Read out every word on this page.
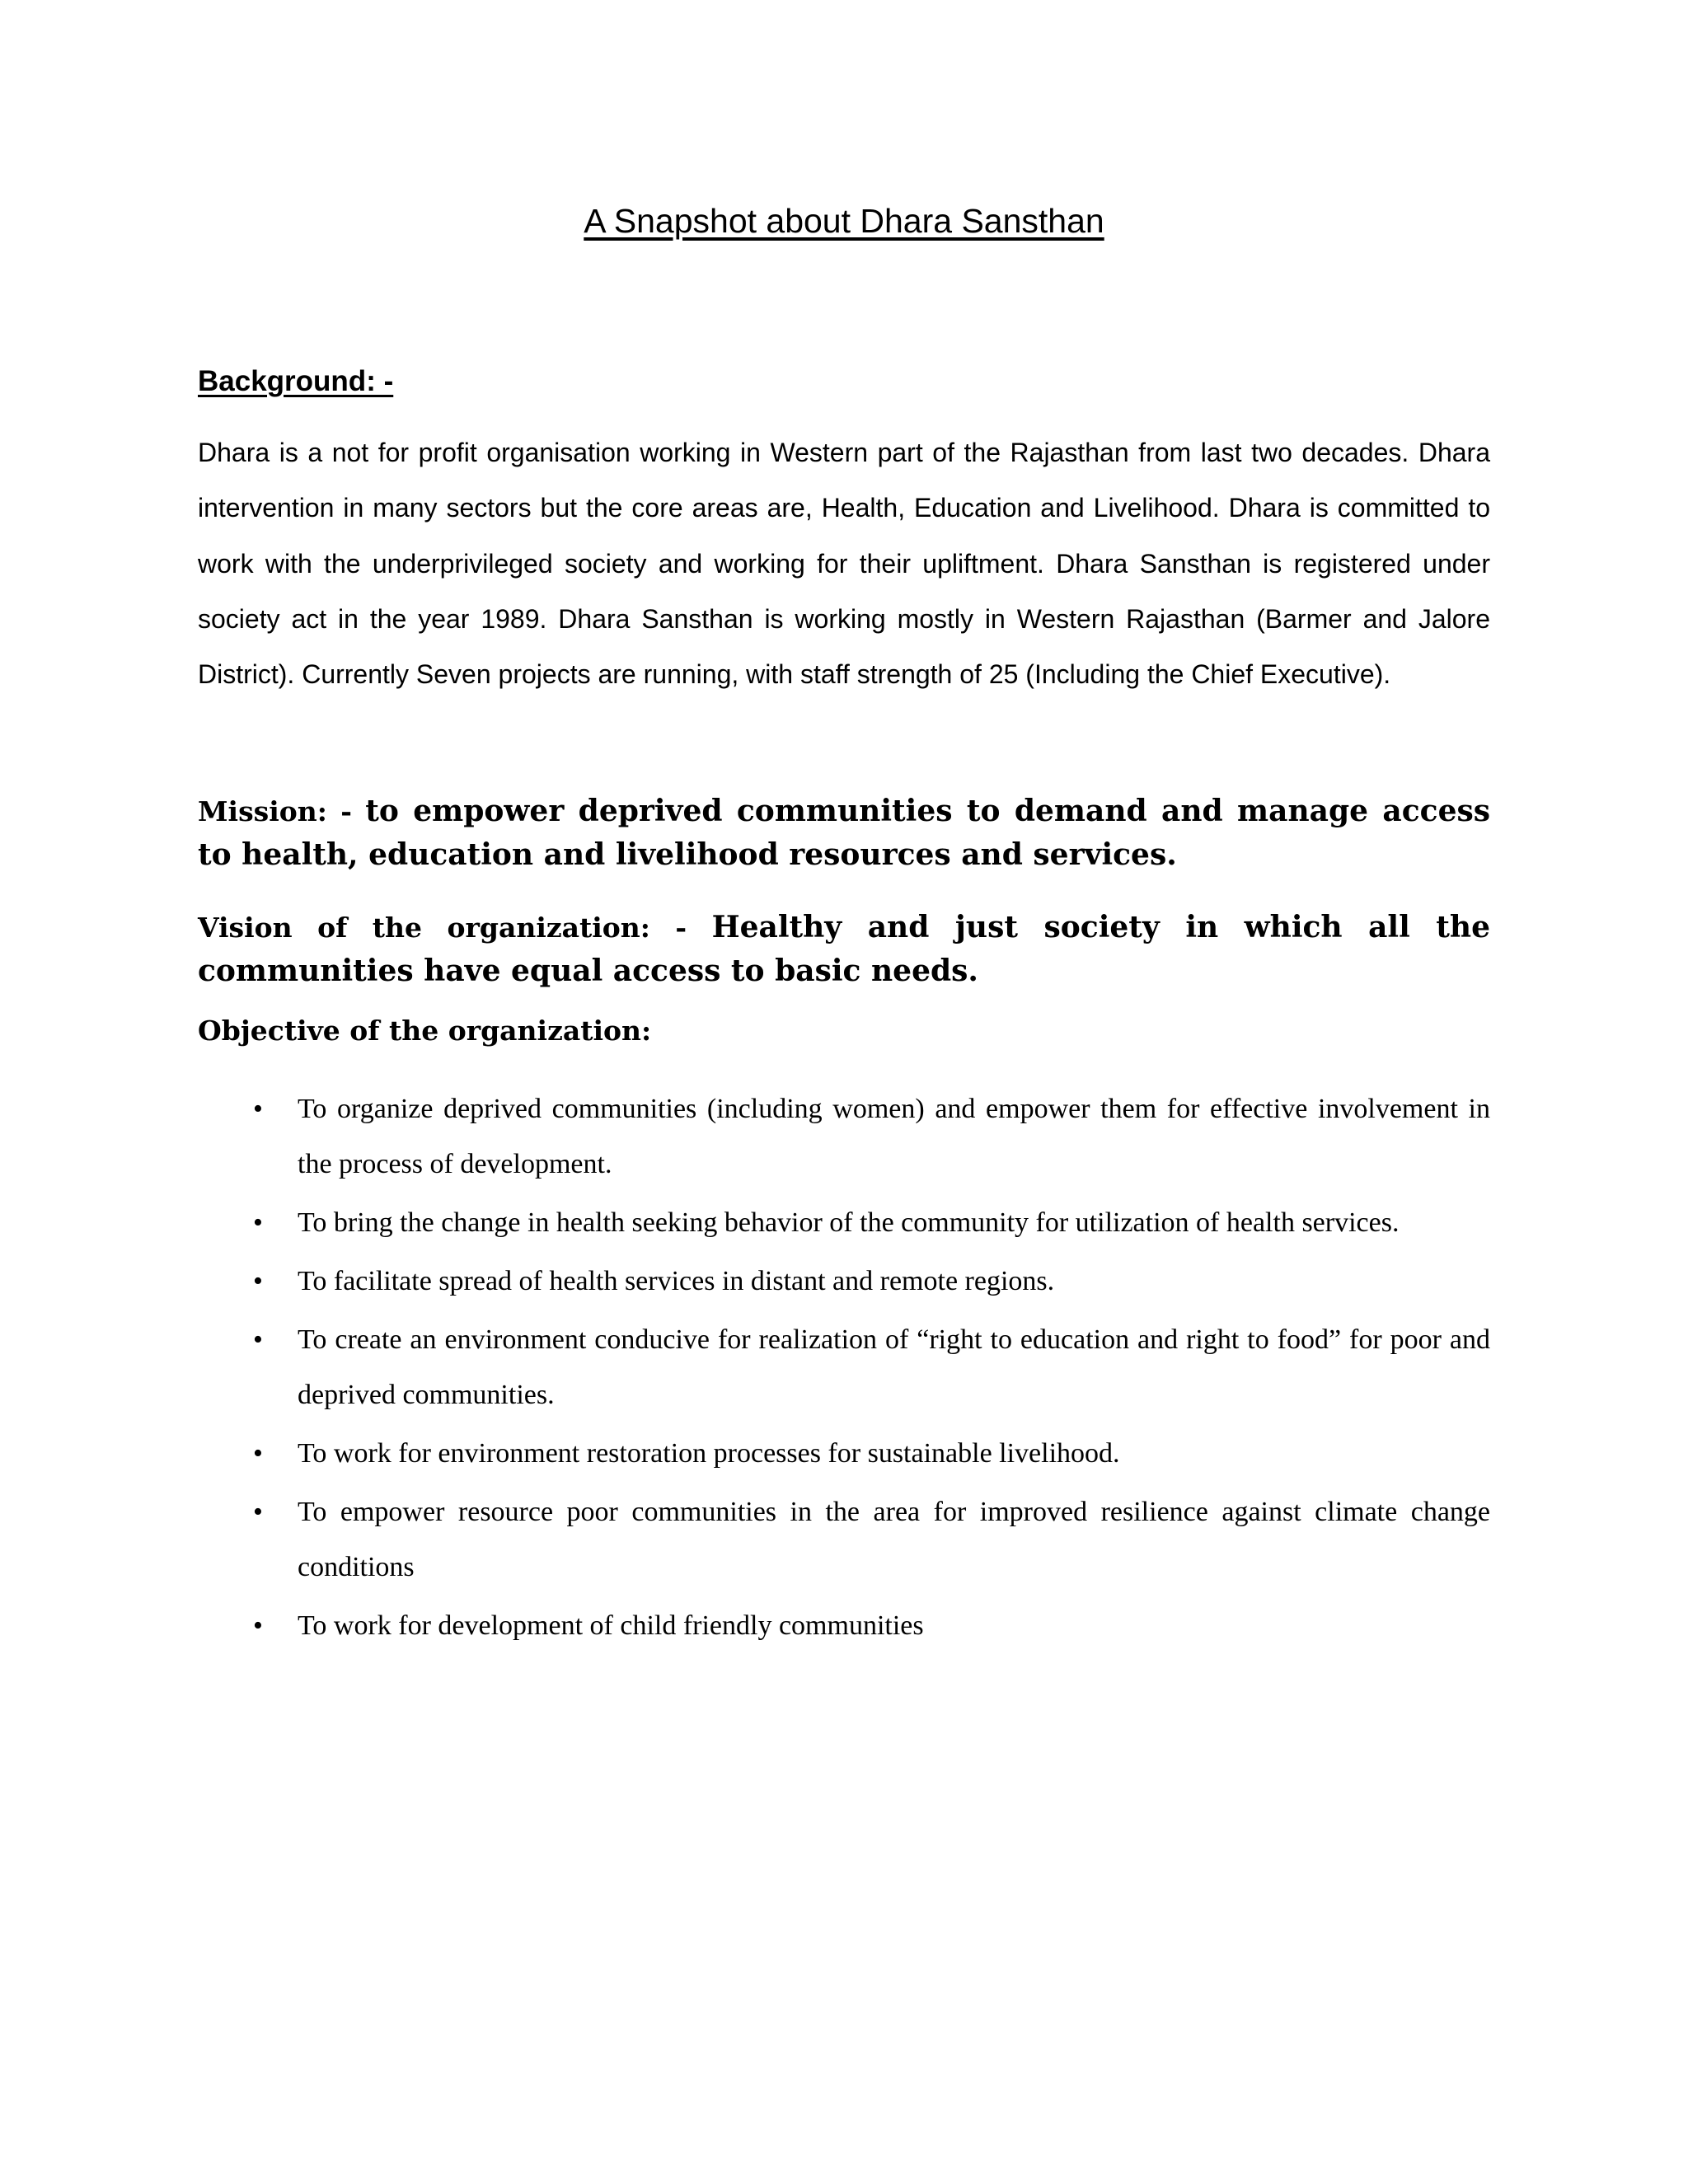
A Snapshot about Dhara Sansthan
Background: -
Dhara is a not for profit organisation working in Western part of the Rajasthan from last two decades. Dhara intervention in many sectors but the core areas are, Health, Education and Livelihood. Dhara is committed to work with the underprivileged society and working for their upliftment. Dhara Sansthan is registered under society act in the year 1989. Dhara Sansthan is working mostly in Western Rajasthan (Barmer and Jalore District). Currently Seven projects are running, with staff strength of 25 (Including the Chief Executive).
Mission: - to empower deprived communities to demand and manage access to health, education and livelihood resources and services.
Vision of the organization: - Healthy and just society in which all the communities have equal access to basic needs.
Objective of the organization:
• To organize deprived communities (including women) and empower them for effective involvement in the process of development.
• To bring the change in health seeking behavior of the community for utilization of health services.
• To facilitate spread of health services in distant and remote regions.
• To create an environment conducive for realization of “right to education and right to food” for poor and deprived communities.
• To work for environment restoration processes for sustainable livelihood.
• To empower resource poor communities in the area for improved resilience against climate change conditions
• To work for development of child friendly communities
